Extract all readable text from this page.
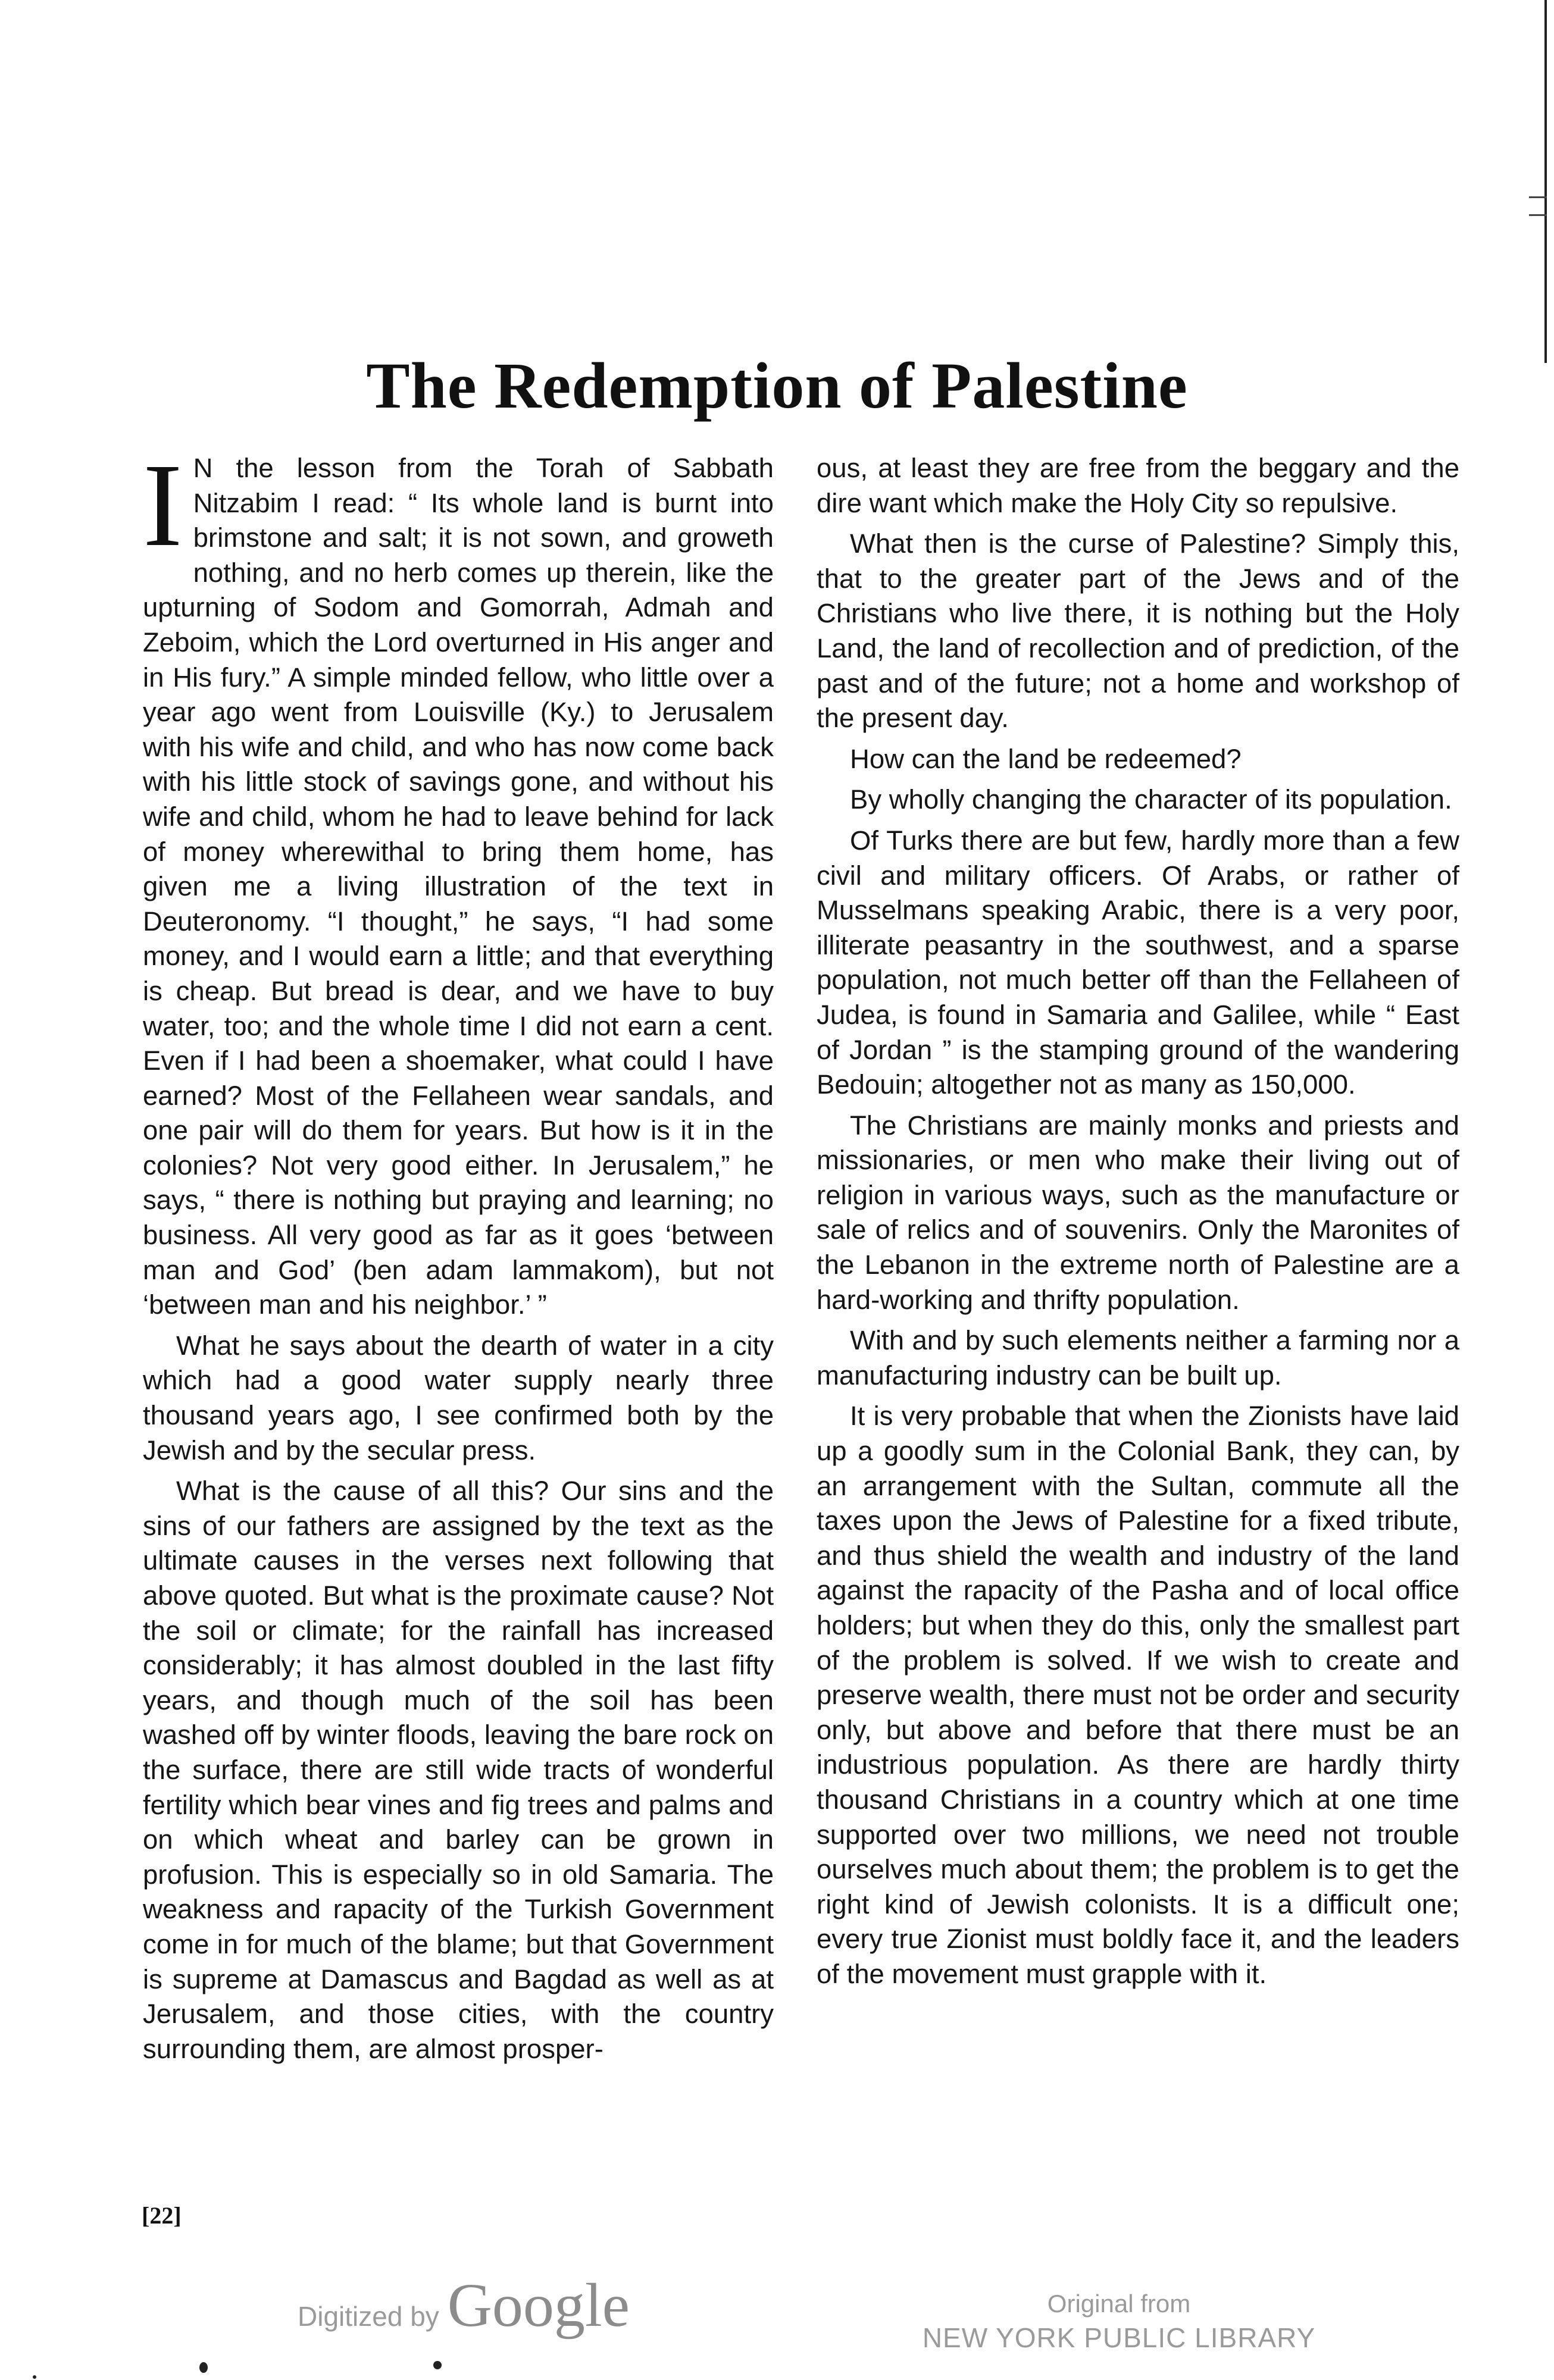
The Redemption of Palestine

I N the lesson from the Torah of Sabbath Nitzabim I read: “ Its whole land is burnt into brimstone and salt; it is not sown, and groweth nothing, and no herb comes up therein, like the upturning of Sodom and Gomorrah, Admah and Zeboim, which the Lord overturned in His anger and in His fury.” A simple minded fellow, who little over a year ago went from Louisville (Ky.) to Jerusalem with his wife and child, and who has now come back with his little stock of savings gone, and without his wife and child, whom he had to leave behind for lack of money wherewithal to bring them home, has given me a living illustration of the text in Deuteronomy. “I thought,” he says, “I had some money, and I would earn a little; and that everything is cheap. But bread is dear, and we have to buy water, too; and the whole time I did not earn a cent. Even if I had been a shoemaker, what could I have earned? Most of the Fellaheen wear sandals, and one pair will do them for years. But how is it in the colonies? Not very good either. In Jerusalem,” he says, “ there is nothing but praying and learning; no business. All very good as far as it goes ‘between man and God’ (ben adam lammakom), but not ‘between man and his neighbor.’ ”

What he says about the dearth of water in a city which had a good water supply nearly three thousand years ago, I see confirmed both by the Jewish and by the secular press.

What is the cause of all this? Our sins and the sins of our fathers are assigned by the text as the ultimate causes in the verses next following that above quoted. But what is the proximate cause? Not the soil or climate; for the rainfall has increased considerably; it has almost doubled in the last fifty years, and though much of the soil has been washed off by winter floods, leaving the bare rock on the surface, there are still wide tracts of wonderful fertility which bear vines and fig trees and palms and on which wheat and barley can be grown in profusion. This is especially so in old Samaria. The weakness and rapacity of the Turkish Government come in for much of the blame; but that Government is supreme at Damascus and Bagdad as well as at Jerusalem, and those cities, with the country surrounding them, are almost prosper-

ous, at least they are free from the beggary and the dire want which make the Holy City so repulsive.

What then is the curse of Palestine? Simply this, that to the greater part of the Jews and of the Christians who live there, it is nothing but the Holy Land, the land of recollection and of prediction, of the past and of the future; not a home and workshop of the present day.

How can the land be redeemed?

By wholly changing the character of its population.

Of Turks there are but few, hardly more than a few civil and military officers. Of Arabs, or rather of Musselmans speaking Arabic, there is a very poor, illiterate peasantry in the southwest, and a sparse population, not much better off than the Fellaheen of Judea, is found in Samaria and Galilee, while “ East of Jordan ” is the stamping ground of the wandering Bedouin; altogether not as many as 150,000.

The Christians are mainly monks and priests and missionaries, or men who make their living out of religion in various ways, such as the manufacture or sale of relics and of souvenirs. Only the Maronites of the Lebanon in the extreme north of Palestine are a hard-working and thrifty population.

With and by such elements neither a farming nor a manufacturing industry can be built up.

It is very probable that when the Zionists have laid up a goodly sum in the Colonial Bank, they can, by an arrangement with the Sultan, commute all the taxes upon the Jews of Palestine for a fixed tribute, and thus shield the wealth and industry of the land against the rapacity of the Pasha and of local office holders; but when they do this, only the smallest part of the problem is solved. If we wish to create and preserve wealth, there must not be order and security only, but above and before that there must be an industrious population. As there are hardly thirty thousand Christians in a country which at one time supported over two millions, we need not trouble ourselves much about them; the problem is to get the right kind of Jewish colonists. It is a difficult one; every true Zionist must boldly face it, and the leaders of the movement must grapple with it.

[22]
Digitized by Google	Original from
NEW YORK PUBLIC LIBRARY
